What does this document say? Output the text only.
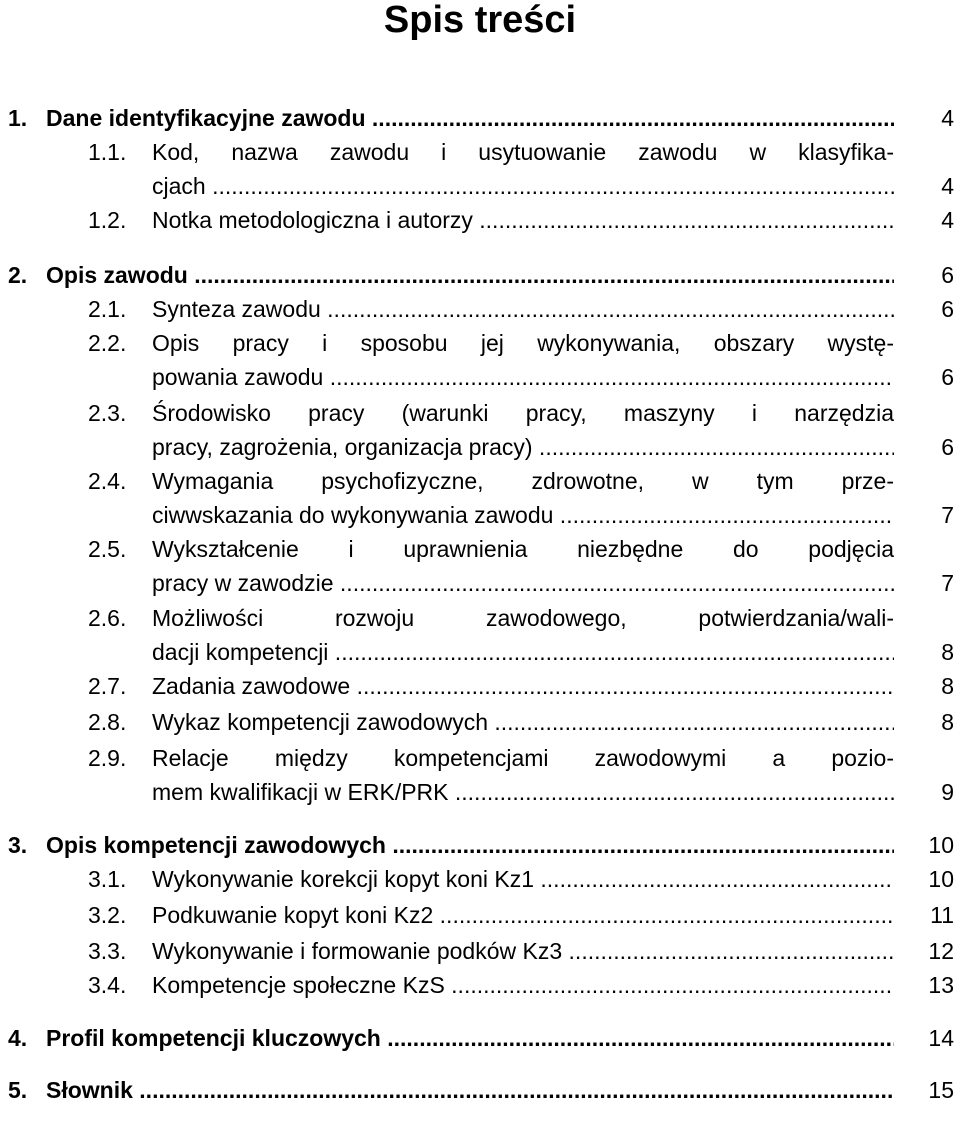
Spis treści
1. Dane identyfikacyjne zawodu .....	4
1.1. Kod, nazwa zawodu i usytuowanie zawodu w klasyfika-
cjach .....	4
1.2. Notka metodologiczna i autorzy .....	4
2. Opis zawodu .....	6
2.1. Synteza zawodu .....	6
2.2. Opis pracy i sposobu jej wykonywania, obszary wystę-
powania zawodu .....	6
2.3. Środowisko pracy (warunki pracy, maszyny i narzędzia
pracy, zagrożenia, organizacja pracy) .....	6
2.4. Wymagania psychofizyczne, zdrowotne, w tym prze-
ciwwskazania do wykonywania zawodu .....	7
2.5. Wykształcenie i uprawnienia niezbędne do podjęcia
pracy w zawodzie .....	7
2.6. Możliwości rozwoju zawodowego, potwierdzania/wali-
dacji kompetencji .....	8
2.7. Zadania zawodowe .....	8
2.8. Wykaz kompetencji zawodowych .....	8
2.9. Relacje między kompetencjami zawodowymi a pozio-
mem kwalifikacji w ERK/PRK .....	9
3. Opis kompetencji zawodowych .....	10
3.1. Wykonywanie korekcji kopyt koni Kz1 .....	10
3.2. Podkuwanie kopyt koni Kz2 .....	11
3.3. Wykonywanie i formowanie podków Kz3 .....	12
3.4. Kompetencje społeczne KzS .....	13
4. Profil kompetencji kluczowych .....	14
5. Słownik .....	15
